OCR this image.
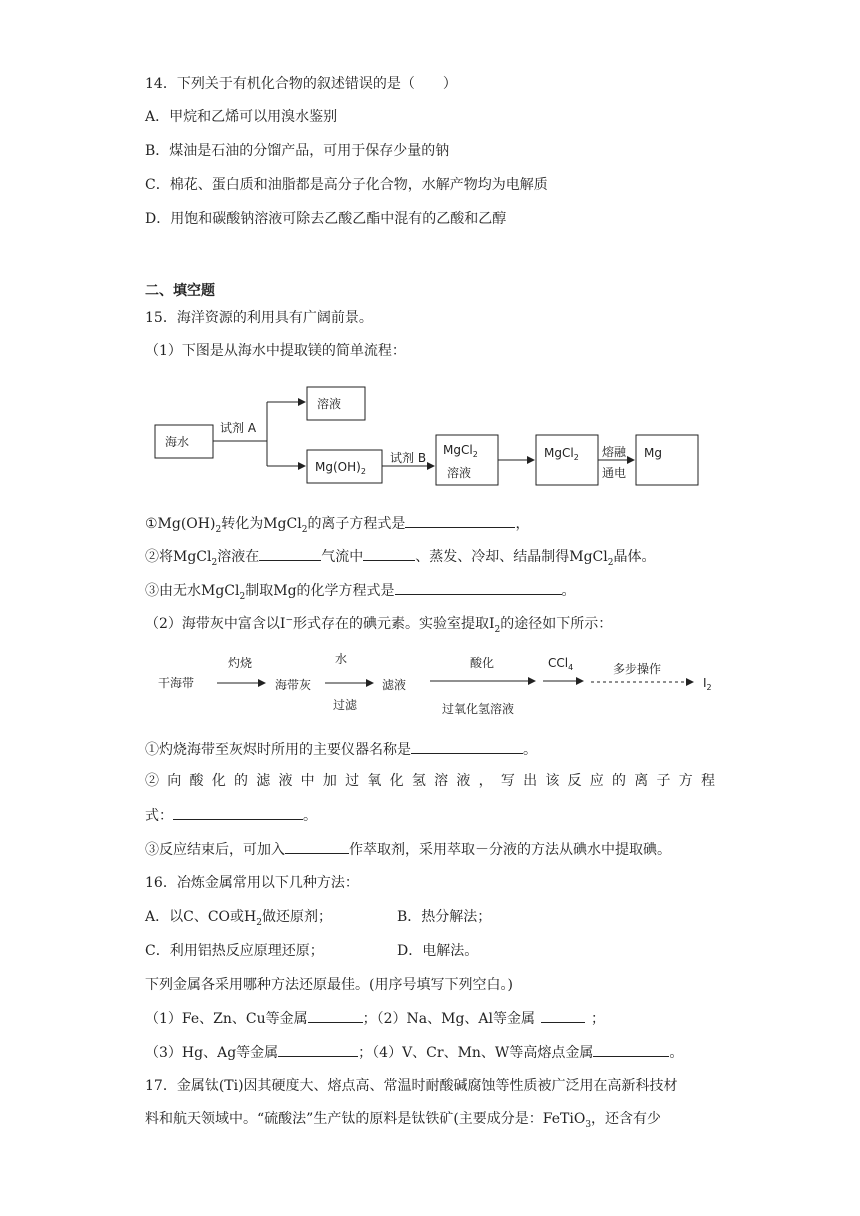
14．下列关于有机化合物的叙述错误的是（　　）
A．甲烷和乙烯可以用溴水鉴别
B．煤油是石油的分馏产品，可用于保存少量的钠
C．棉花、蛋白质和油脂都是高分子化合物，水解产物均为电解质
D．用饱和碳酸钠溶液可除去乙酸乙酯中混有的乙酸和乙醇
二、填空题
15．海洋资源的利用具有广阔前景。
（1）下图是从海水中提取镁的简单流程：
海水
试剂 A
溶液
$Mg(OH)_2$
试剂 B
MgCl$_2$
溶液
MgCl$_2$ 熔融
通电
Mg
$①Mg(OH)_2$转化为MgCl$_2$的离子方程式是	，
②将MgCl$_2$溶液在	气流中	、蒸发、冷却、结晶制得MgCl$_2$晶体。
③由无水MgCl$_2$制取Mg的化学方程式是	。
（2）海带灰中富含以I−形式存在的碘元素。实验室提取$I_2$的途径如下所示：
干海带
灼烧
海带灰
水
过滤
滤液
酸化
过氧化氢溶液
CCl$_4$	多步操作
$I_2$
①灼烧海带至灰烬时所用的主要仪器名称是	。
②向酸化的滤液中加过氧化氢溶液，写出该反应的离子方程
式：	。
③反应结束后，可加入	作萃取剂，采用萃取－分液的方法从碘水中提取碘。
16．冶炼金属常用以下几种方法：
A．以C、CO或$H_2$做还原剂；	B．热分解法；
C．利用铝热反应原理还原；	D．电解法。
下列金属各采用哪种方法还原最佳。(用序号填写下列空白。)
（1）Fe、Zn、Cu等金属	；（2）Na、Mg、Al等金属	；
（3）Hg、Ag等金属	；（4）V、Cr、Mn、W等高熔点金属	。
17．金属钛(Ti)因其硬度大、熔点高、常温时耐酸碱腐蚀等性质被广泛用在高新科技材
料和航天领域中。“硫酸法”生产钛的原料是钛铁矿(主要成分是：FeTiO$_3$，还含有少
